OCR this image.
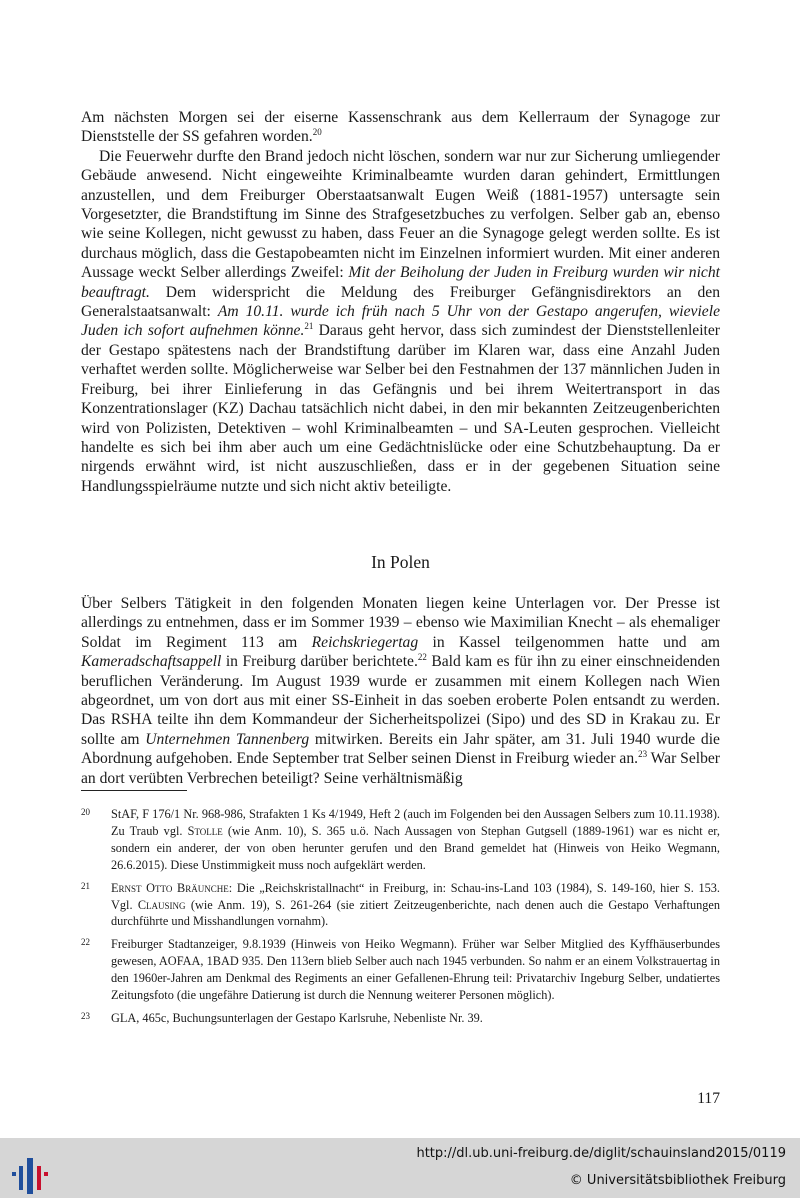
Am nächsten Morgen sei der eiserne Kassenschrank aus dem Kellerraum der Synagoge zur Dienststelle der SS gefahren worden.$^{20}$

Die Feuerwehr durfte den Brand jedoch nicht löschen, sondern war nur zur Sicherung umliegender Gebäude anwesend. Nicht eingeweihte Kriminalbeamte wurden daran gehindert, Ermittlungen anzustellen, und dem Freiburger Oberstaatsanwalt Eugen Weiß (1881-1957) untersagte sein Vorgesetzter, die Brandstiftung im Sinne des Strafgesetzbuches zu verfolgen. Selber gab an, ebenso wie seine Kollegen, nicht gewusst zu haben, dass Feuer an die Synagoge gelegt werden sollte. Es ist durchaus möglich, dass die Gestapobeamten nicht im Einzelnen informiert wurden. Mit einer anderen Aussage weckt Selber allerdings Zweifel: Mit der Beiholung der Juden in Freiburg wurden wir nicht beauftragt. Dem widerspricht die Meldung des Freiburger Gefängnisdirektors an den Generalstaatsanwalt: Am 10.11. wurde ich früh nach 5 Uhr von der Gestapo angerufen, wieviele Juden ich sofort aufnehmen könne.$^{21}$ Daraus geht hervor, dass sich zumindest der Dienststellenleiter der Gestapo spätestens nach der Brandstiftung darüber im Klaren war, dass eine Anzahl Juden verhaftet werden sollte. Möglicherweise war Selber bei den Festnahmen der 137 männlichen Juden in Freiburg, bei ihrer Einlieferung in das Gefängnis und bei ihrem Weitertransport in das Konzentrationslager (KZ) Dachau tatsächlich nicht dabei, in den mir bekannten Zeitzeugenberichten wird von Polizisten, Detektiven – wohl Kriminalbeamten – und SA-Leuten gesprochen. Vielleicht handelte es sich bei ihm aber auch um eine Gedächtnislücke oder eine Schutzbehauptung. Da er nirgends erwähnt wird, ist nicht auszuschließen, dass er in der gegebenen Situation seine Handlungsspielräume nutzte und sich nicht aktiv beteiligte.

In Polen

Über Selbers Tätigkeit in den folgenden Monaten liegen keine Unterlagen vor. Der Presse ist allerdings zu entnehmen, dass er im Sommer 1939 – ebenso wie Maximilian Knecht – als ehemaliger Soldat im Regiment 113 am Reichskriegertag in Kassel teilgenommen hatte und am Kameradschaftsappell in Freiburg darüber berichtete.$^{22}$ Bald kam es für ihn zu einer einschneidenden beruflichen Veränderung. Im August 1939 wurde er zusammen mit einem Kollegen nach Wien abgeordnet, um von dort aus mit einer SS-Einheit in das soeben eroberte Polen entsandt zu werden. Das RSHA teilte ihn dem Kommandeur der Sicherheitspolizei (Sipo) und des SD in Krakau zu. Er sollte am Unternehmen Tannenberg mitwirken. Bereits ein Jahr später, am 31. Juli 1940 wurde die Abordnung aufgehoben. Ende September trat Selber seinen Dienst in Freiburg wieder an.$^{23}$ War Selber an dort verübten Verbrechen beteiligt? Seine verhältnismäßig

20	StAF, F 176/1 Nr. 968-986, Strafakten 1 Ks 4/1949, Heft 2 (auch im Folgenden bei den Aussagen Selbers zum 10.11.1938). Zu Traub vgl. Stolle (wie Anm. 10), S. 365 u.ö. Nach Aussagen von Stephan Gutgsell (1889-1961) war es nicht er, sondern ein anderer, der von oben herunter gerufen und den Brand gemeldet hat (Hinweis von Heiko Wegmann, 26.6.2015). Diese Unstimmigkeit muss noch aufgeklärt werden.
21	Ernst Otto Bräunche: Die „Reichskristallnacht“ in Freiburg, in: Schau-ins-Land 103 (1984), S. 149-160, hier S. 153. Vgl. Clausing (wie Anm. 19), S. 261-264 (sie zitiert Zeitzeugenberichte, nach denen auch die Gestapo Verhaftungen durchführte und Misshandlungen vornahm).
22	Freiburger Stadtanzeiger, 9.8.1939 (Hinweis von Heiko Wegmann). Früher war Selber Mitglied des Kyffhäuserbundes gewesen, AOFAA, 1BAD 935. Den 113ern blieb Selber auch nach 1945 verbunden. So nahm er an einem Volkstrauertag in den 1960er-Jahren am Denkmal des Regiments an einer Gefallenen-Ehrung teil: Privatarchiv Ingeburg Selber, undatiertes Zeitungsfoto (die ungefähre Datierung ist durch die Nennung weiterer Personen möglich).
23	GLA, 465c, Buchungsunterlagen der Gestapo Karlsruhe, Nebenliste Nr. 39.
117
http://dl.ub.uni-freiburg.de/diglit/schauinsland2015/0119
© Universitätsbibliothek Freiburg
